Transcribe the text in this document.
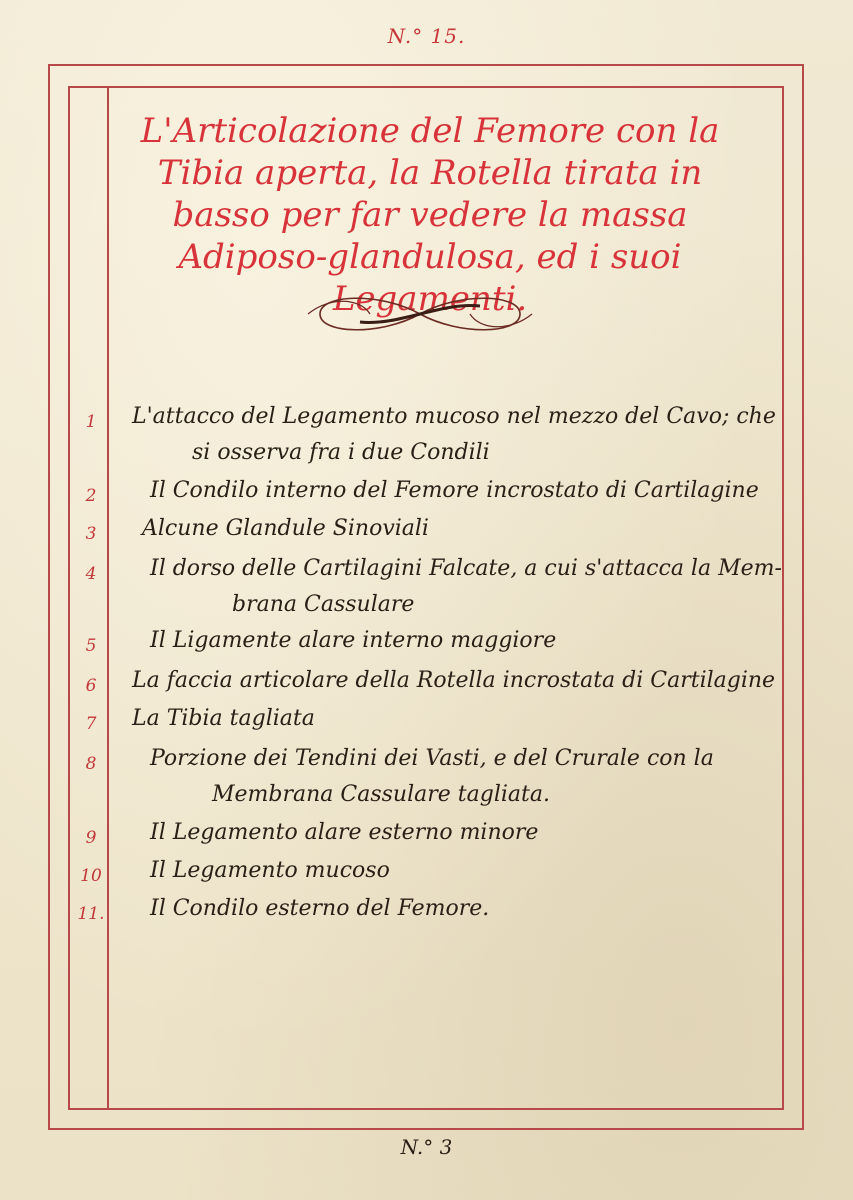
N.° 15.
L'Articolazione del Femore con la Tibia aperta, la Rotella tirata in basso per far vedere la massa Adiposo-glandulosa, ed i suoi Legamenti.
1	L'attacco del Legamento mucoso nel mezzo del Cavo; che
si osserva fra i due Condili
2	Il Condilo interno del Femore incrostato di Cartilagine
3	Alcune Glandule Sinoviali
4	Il dorso delle Cartilagini Falcate, a cui s'attacca la Mem-
brana Cassulare
5	Il Ligamente alare interno maggiore
6	La faccia articolare della Rotella incrostata di Cartilagine
7	La Tibia tagliata
8	Porzione dei Tendini dei Vasti, e del Crurale con la
Membrana Cassulare tagliata.
9	Il Legamento alare esterno minore
10 Il Legamento mucoso
11. Il Condilo esterno del Femore.
N.° 3
